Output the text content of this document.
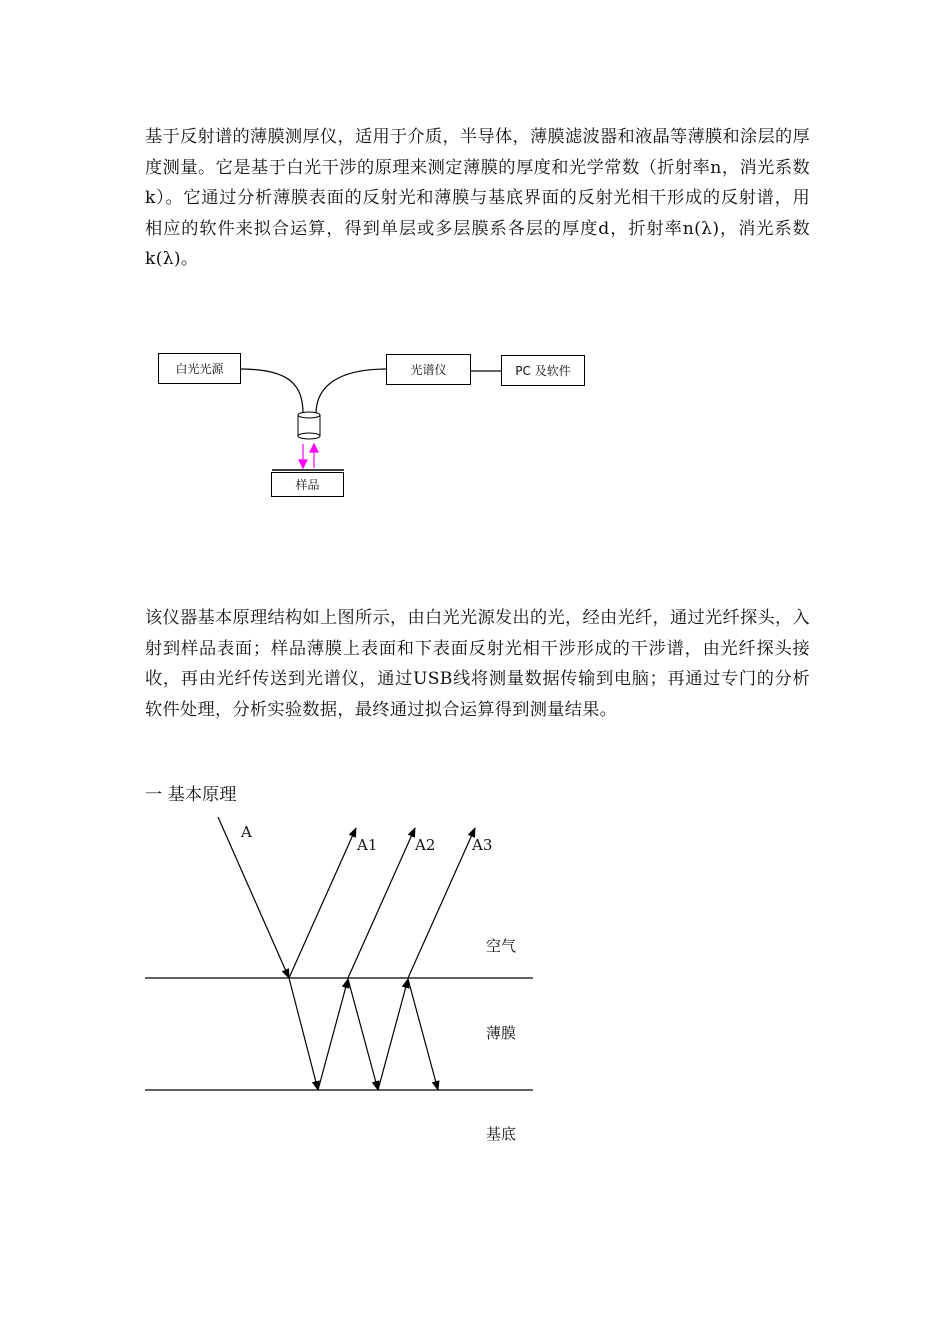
基于反射谱的薄膜测厚仪，适用于介质，半导体，薄膜滤波器和液晶等薄膜和涂层的厚度测量。它是基于白光干涉的原理来测定薄膜的厚度和光学常数（折射率n，消光系数k）。它通过分析薄膜表面的反射光和薄膜与基底界面的反射光相干形成的反射谱，用相应的软件来拟合运算，得到单层或多层膜系各层的厚度d，折射率n(λ)，消光系数k(λ)。

白光光源	光谱仪	PC 及软件
样品

该仪器基本原理结构如上图所示，由白光光源发出的光，经由光纤，通过光纤探头，入射到样品表面；样品薄膜上表面和下表面反射光相干涉形成的干涉谱，由光纤探头接收，再由光纤传送到光谱仪，通过USB线将测量数据传输到电脑；再通过专门的分析软件处理，分析实验数据，最终通过拟合运算得到测量结果。

一 基本原理

A
A1	A2 A3
空气
薄膜
基底
